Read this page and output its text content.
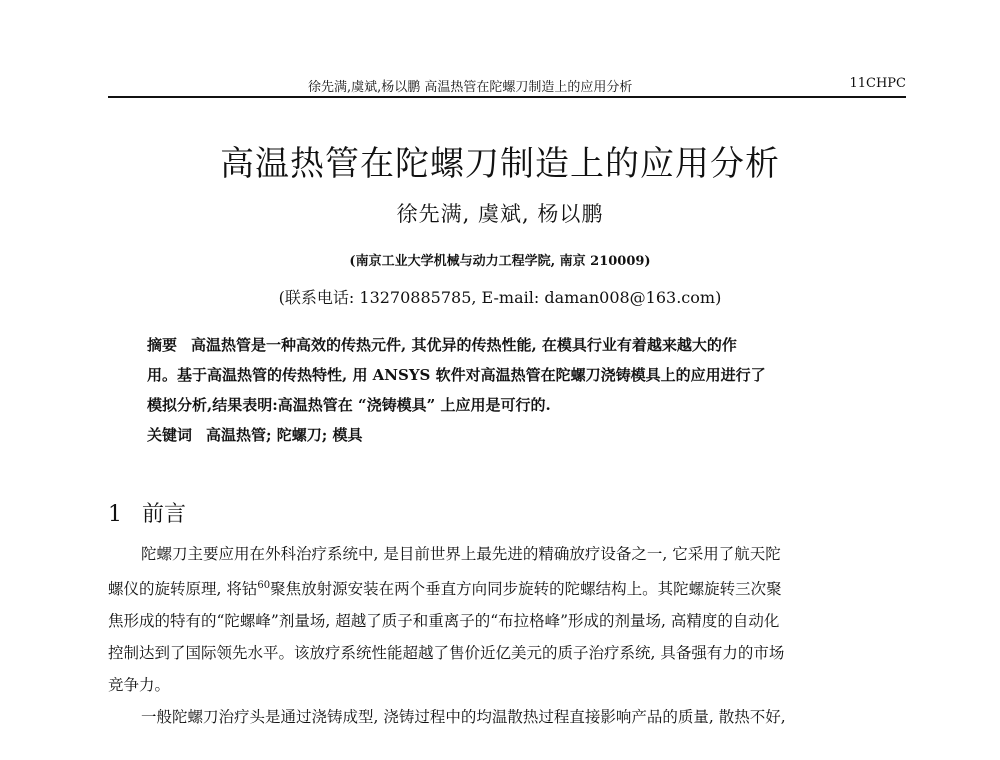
徐先满,虞斌,杨以鹏 高温热管在陀螺刀制造上的应用分析	11CHPC
高温热管在陀螺刀制造上的应用分析
徐先满, 虞斌, 杨以鹏
(南京工业大学机械与动力工程学院, 南京 210009)
(联系电话: 13270885785, E-mail: daman008@163.com)
摘要 高温热管是一种高效的传热元件, 其优异的传热性能, 在模具行业有着越来越大的作
用。基于高温热管的传热特性, 用 ANSYS 软件对高温热管在陀螺刀浇铸模具上的应用进行了
模拟分析,结果表明:高温热管在 “浇铸模具” 上应用是可行的.
关键词 高温热管; 陀螺刀; 模具
1 前言
陀螺刀主要应用在外科治疗系统中, 是目前世界上最先进的精确放疗设备之一, 它采用了航天陀
螺仪的旋转原理, 将钴$^{60}$聚焦放射源安装在两个垂直方向同步旋转的陀螺结构上。其陀螺旋转三次聚
焦形成的特有的“陀螺峰”剂量场, 超越了质子和重离子的“布拉格峰”形成的剂量场, 高精度的自动化
控制达到了国际领先水平。该放疗系统性能超越了售价近亿美元的质子治疗系统, 具备强有力的市场
竞争力。
一般陀螺刀治疗头是通过浇铸成型, 浇铸过程中的均温散热过程直接影响产品的质量, 散热不好,
